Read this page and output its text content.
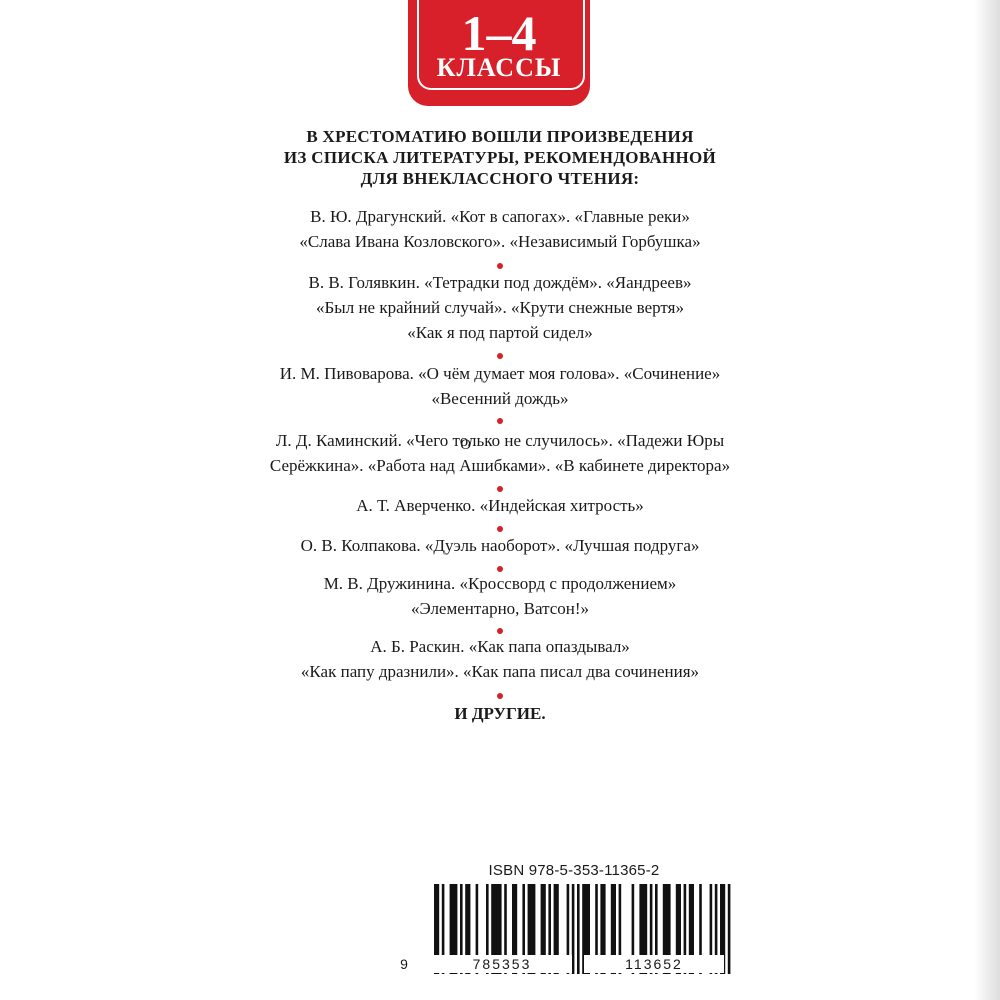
1–4
КЛАССЫ
В ХРЕСТОМАТИЮ ВОШЛИ ПРОИЗВЕДЕНИЯ
ИЗ СПИСКА ЛИТЕРАТУРЫ, РЕКОМЕНДОВАННОЙ
ДЛЯ ВНЕКЛАССНОГО ЧТЕНИЯ:
В. Ю. Драгунский. «Кот в сапогах». «Главные реки»
«Слава Ивана Козловского». «Независимый Горбушка»
В. В. Голявкин. «Тетрадки под дождём». «Яандреев»
«Был не крайний случай». «Крути снежные вертя»
«Как я под партой сидел»
И. М. Пивоварова. «О чём думает моя голова». «Сочинение»
«Весенний дождь»
Л. Д. Каминский. «Чего только не случилось». «Падежи Юры
Серёжкина». «Работа над O Ашибками». «В кабинете директора»
А. Т. Аверченко. «Индейская хитрость»
О. В. Колпакова. «Дуэль наоборот». «Лучшая подруга»
М. В. Дружинина. «Кроссворд с продолжением»
«Элементарно, Ватсон!»
А. Б. Раскин. «Как папа опаздывал»
«Как папу дразнили». «Как папа писал два сочинения»
И ДРУГИЕ.
ISBN 978-5-353-11365-2
9	785353	113652
